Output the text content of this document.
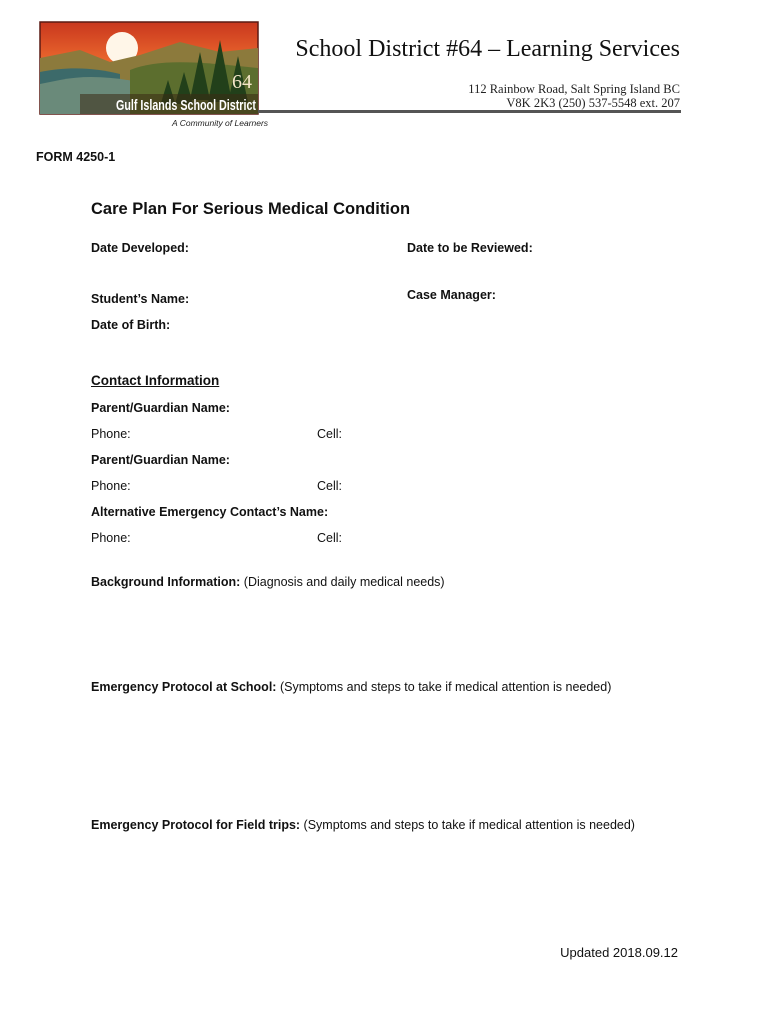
64
Gulf Islands School District
A Community of Learners
School District #64 – Learning Services
112 Rainbow Road, Salt Spring Island BC
V8K 2K3 (250) 537-5548 ext. 207
FORM 4250-1
Care Plan For Serious Medical Condition
Date Developed:	Date to be Reviewed:
Student’s Name:	Case Manager:
Date of Birth:
Contact Information
Parent/Guardian Name:
Phone:	Cell:
Parent/Guardian Name:
Phone:	Cell:
Alternative Emergency Contact’s Name:
Phone:	Cell:
Background Information: (Diagnosis and daily medical needs)
Emergency Protocol at School: (Symptoms and steps to take if medical attention is needed)
Emergency Protocol for Field trips: (Symptoms and steps to take if medical attention is needed)
Updated 2018.09.12
